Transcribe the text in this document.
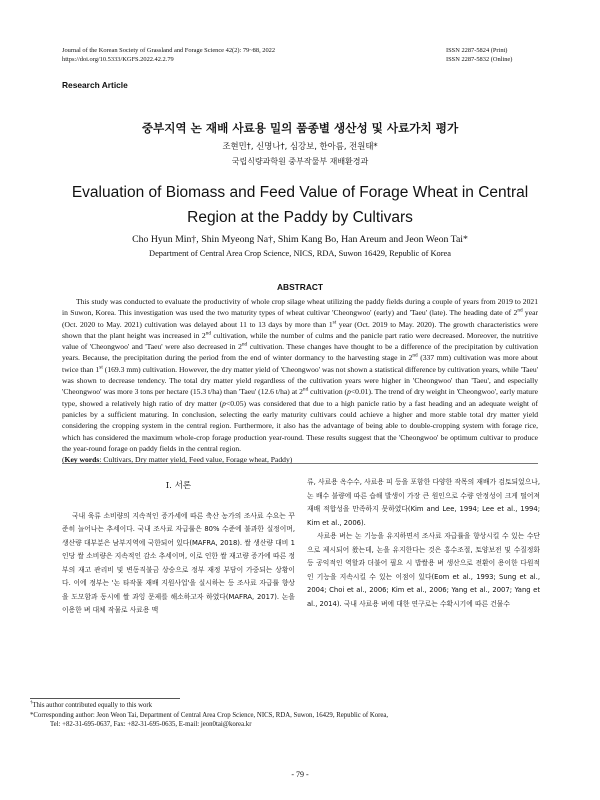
Journal of the Korean Society of Grassland and Forage Science 42(2): 79~88, 2022
https://doi.org/10.5333/KGFS.2022.42.2.79
ISSN 2287-5824 (Print)
ISSN 2287-5832 (Online)
Research Article
중부지역 논 재배 사료용 밀의 품종별 생산성 및 사료가치 평가
조현민†, 신명나†, 심강보, 한아름, 전원태*
국립식량과학원 중부작물부 재배환경과
Evaluation of Biomass and Feed Value of Forage Wheat in Central Region at the Paddy by Cultivars
Cho Hyun Min†, Shin Myeong Na†, Shim Kang Bo, Han Areum and Jeon Weon Tai*
Department of Central Area Crop Science, NICS, RDA, Suwon 16429, Republic of Korea
ABSTRACT

This study was conducted to evaluate the productivity of whole crop silage wheat utilizing the paddy fields during a couple of years from 2019 to 2021 in Suwon, Korea. This investigation was used the two maturity types of wheat cultivar 'Cheongwoo' (early) and 'Taeu' (late). The heading date of 2nd year (Oct. 2020 to May. 2021) cultivation was delayed about 11 to 13 days by more than 1st year (Oct. 2019 to May. 2020). The growth characteristics were shown that the plant height was increased in 2nd cultivation, while the number of culms and the panicle part ratio were decreased. Moreover, the nutritive value of 'Cheongwoo' and 'Taeu' were also decreased in 2nd cultivation. These changes have thought to be a difference of the precipitation by cultivation years. Because, the precipitation during the period from the end of winter dormancy to the harvesting stage in 2nd (337 mm) cultivation was more about twice than 1st (169.3 mm) cultivation. However, the dry matter yield of 'Cheongwoo' was not shown a statistical difference by cultivation years, while 'Taeu' was shown to decrease tendency. The total dry matter yield regardless of the cultivation years were higher in 'Cheongwoo' than 'Taeu', and especially 'Cheongwoo' was more 3 tons per hectare (15.3 t/ha) than 'Taeu' (12.6 t/ha) at 2nd cultivation (p<0.01). The trend of dry weight in 'Cheongwoo', early mature type, showed a relatively high ratio of dry matter (p<0.05) was considered that due to a high panicle ratio by a fast heading and an adequate weight of panicles by a sufficient maturing. In conclusion, selecting the early maturity cultivars could achieve a higher and more stable total dry matter yield considering the cropping system in the central region. Furthermore, it also has the advantage of being able to double-cropping system with forage rice, which has considered the maximum whole-crop forage production year-round. These results suggest that the 'Cheongwoo' be optimum cultivar to produce the year-round forage on paddy fields in the central region.
(Key words: Cultivars, Dry matter yield, Feed value, Forage wheat, Paddy)

Ⅰ. 서론

국내 육류 소비량의 지속적인 증가세에 따른 축산 농가의 조사료 수요는 꾸준히 늘어나는 추세이다. 국내 조사료 자급률은 80% 수준에 불과한 실정이며, 생산량 대부분은 남부지역에 국한되어 있다(MAFRA, 2018). 쌀 생산량 대비 1인당 쌀 소비량은 지속적인 감소 추세이며, 이로 인한 쌀 재고량 증가에 따른 정부의 재고 관리비 및 변동직불금 상승으로 정부 재정 부담이 가중되는 상황이다. 이에 정부는 '논 타작물 재배 지원사업'을 실시하는 등 조사료 자급률 향상을 도모함과 동시에 쌀 과잉 문제를 해소하고자 하였다(MAFRA, 2017). 논을 이용한 벼 대체 작물로 사료용 맥

류, 사료용 옥수수, 사료용 피 등을 포함한 다양한 작목의 재배가 검토되었으나, 논 배수 불량에 따른 습해 발생이 가장 큰 원인으로 수량 안정성이 크게 떨어져 재배 적합성을 만족하지 못하였다(Kim and Lee, 1994; Lee et al., 1994; Kim et al., 2006).

사료용 벼는 논 기능을 유지하면서 조사료 자급률을 향상시킬 수 있는 수단으로 제시되어 왔는데, 논을 유지한다는 것은 홍수조절, 토양보전 및 수질정화 등 공익적인 역할과 더불어 필요 시 밥쌀용 벼 생산으로 전환이 용이한 다원적인 기능을 지속시킬 수 있는 이점이 있다(Eom et al., 1993; Sung et al., 2004; Choi et al., 2006; Kim et al., 2006; Yang et al., 2007; Yang et al., 2014). 국내 사료용 벼에 대한 연구로는 수확시기에 따른 건물수

†This author contributed equally to this work
*Corresponding author: Jeon Weon Tai, Department of Central Area Crop Science, NICS, RDA, Suwon, 16429, Republic of Korea,
Tel: +82-31-695-0637, Fax: +82-31-695-0635, E-mail: jeon0tai@korea.kr
- 79 -
